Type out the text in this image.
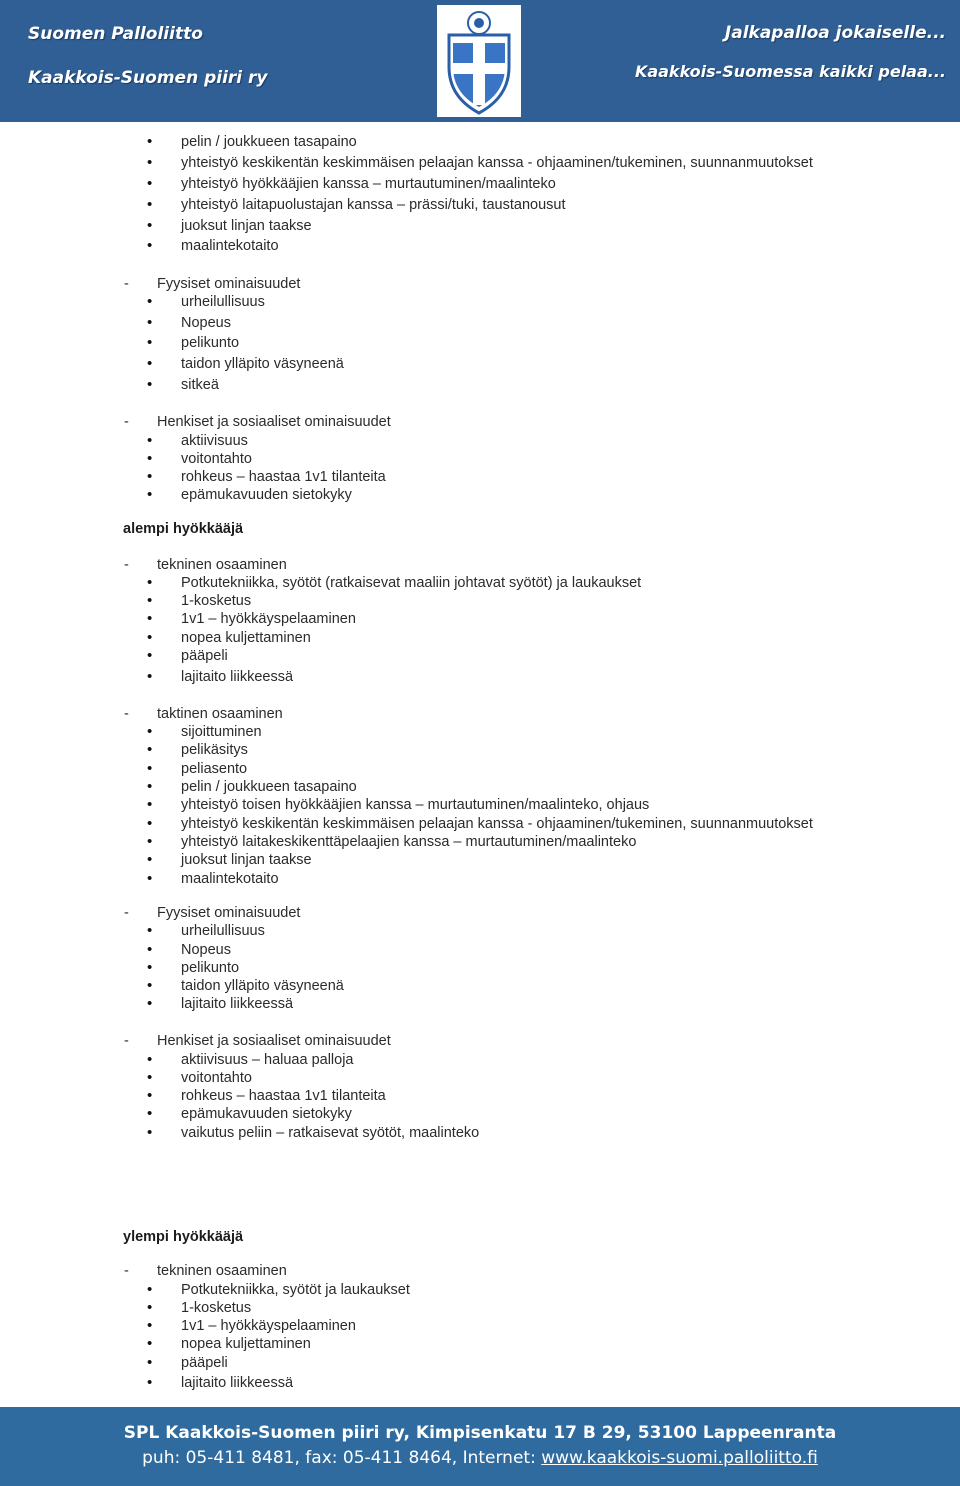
Suomen Palloliitto
Kaakkois-Suomen piiri ry
Jalkapalloa jokaiselle...
Kaakkois-Suomessa kaikki pelaa...
• pelin / joukkueen tasapaino
• yhteistyö keskikentän keskimmäisen pelaajan kanssa - ohjaaminen/tukeminen, suunnanmuutokset
• yhteistyö hyökkääjien kanssa – murtautuminen/maalinteko
• yhteistyö laitapuolustajan kanssa – prässi/tuki, taustanousut
• juoksut linjan taakse
• maalintekotaito
- Fyysiset ominaisuudet
• urheilullisuus
• Nopeus
• pelikunto
• taidon ylläpito väsyneenä
• sitkeä
- Henkiset ja sosiaaliset ominaisuudet
• aktiivisuus
• voitontahto
• rohkeus – haastaa 1v1 tilanteita
• epämukavuuden sietokyky
alempi hyökkääjä
- tekninen osaaminen
• Potkutekniikka, syötöt (ratkaisevat maaliin johtavat syötöt) ja laukaukset
• 1-kosketus
• 1v1 – hyökkäyspelaaminen
• nopea kuljettaminen
• pääpeli
• lajitaito liikkeessä
- taktinen osaaminen
• sijoittuminen
• pelikäsitys
• peliasento
• pelin / joukkueen tasapaino
• yhteistyö toisen hyökkääjien kanssa – murtautuminen/maalinteko, ohjaus
• yhteistyö keskikentän keskimmäisen pelaajan kanssa - ohjaaminen/tukeminen, suunnanmuutokset
• yhteistyö laitakeskikenttäpelaajien kanssa – murtautuminen/maalinteko
• juoksut linjan taakse
• maalintekotaito
- Fyysiset ominaisuudet
• urheilullisuus
• Nopeus
• pelikunto
• taidon ylläpito väsyneenä
• lajitaito liikkeessä
- Henkiset ja sosiaaliset ominaisuudet
• aktiivisuus – haluaa palloja
• voitontahto
• rohkeus – haastaa 1v1 tilanteita
• epämukavuuden sietokyky
• vaikutus peliin – ratkaisevat syötöt, maalinteko
ylempi hyökkääjä
- tekninen osaaminen
• Potkutekniikka, syötöt ja laukaukset
• 1-kosketus
• 1v1 – hyökkäyspelaaminen
• nopea kuljettaminen
• pääpeli
• lajitaito liikkeessä
SPL Kaakkois-Suomen piiri ry, Kimpisenkatu 17 B 29, 53100 Lappeenranta
puh: 05-411 8481, fax: 05-411 8464, Internet: www.kaakkois-suomi.palloliitto.fi
